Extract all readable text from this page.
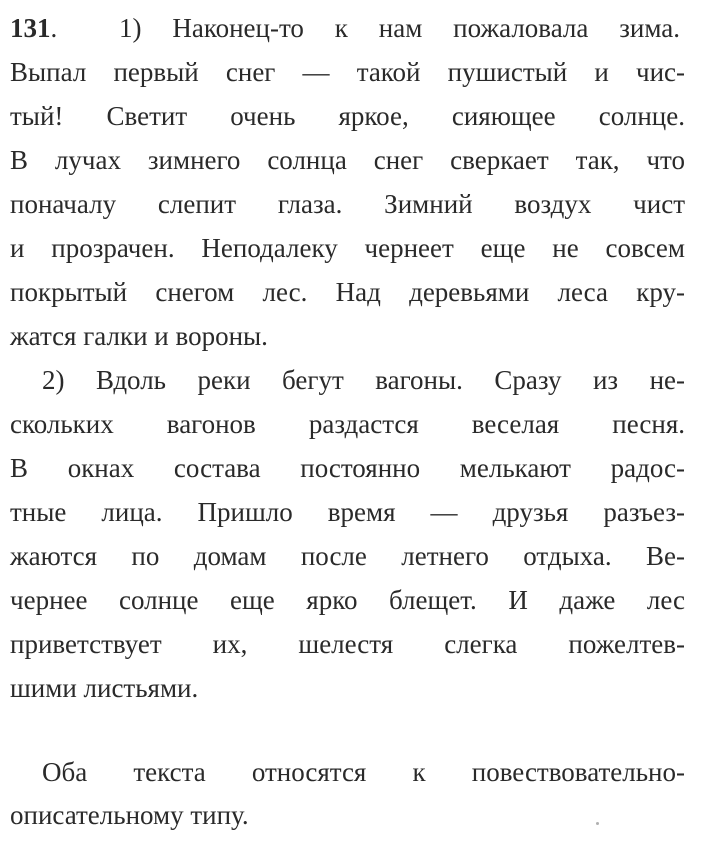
131.  1) Наконец-то к нам пожаловала зима.
Выпал первый снег — такой пушистый и чис-
тый! Светит очень яркое, сияющее солнце.
В лучах зимнего солнца снег сверкает так, что
поначалу слепит глаза. Зимний воздух чист
и прозрачен. Неподалеку чернеет еще не совсем
покрытый снегом лес. Над деревьями леса кру-
жатся галки и вороны.
2) Вдоль реки бегут вагоны. Сразу из не-
скольких вагонов раздастся веселая песня.
В окнах состава постоянно мелькают радос-
тные лица. Пришло время — друзья разъез-
жаются по домам после летнего отдыха. Ве-
чернее солнце еще ярко блещет. И даже лес
приветствует их, шелестя слегка пожелтев-
шими листьями.
Оба текста относятся к повествовательно-
описательному типу.
